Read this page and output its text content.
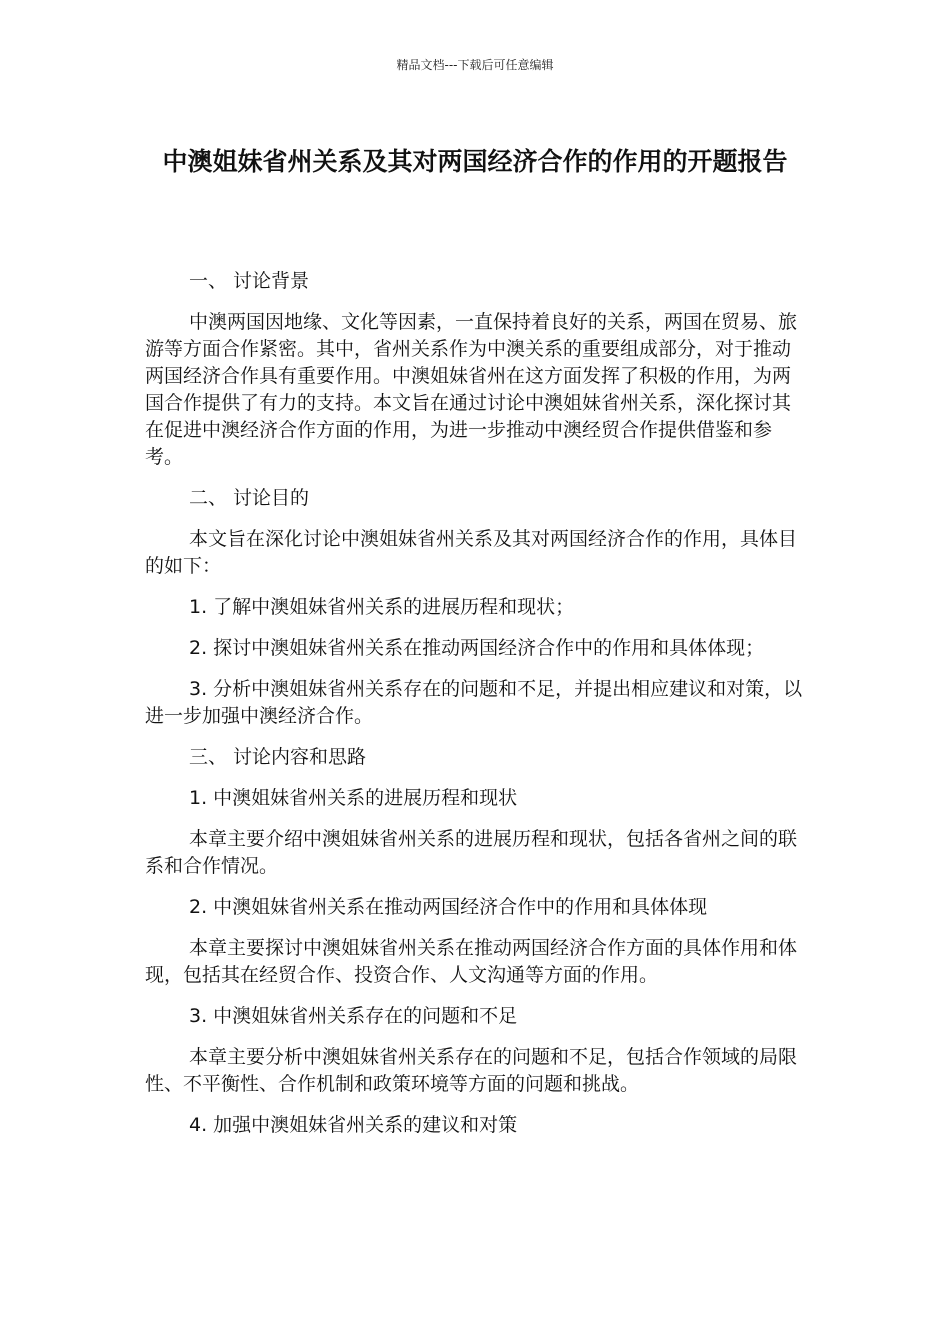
精品文档---下载后可任意编辑
中澳姐妹省州关系及其对两国经济合作的作用的开题报告

一、 讨论背景

中澳两国因地缘、文化等因素，一直保持着良好的关系，两国在贸易、旅游等方面合作紧密。其中，省州关系作为中澳关系的重要组成部分，对于推动两国经济合作具有重要作用。中澳姐妹省州在这方面发挥了积极的作用，为两国合作提供了有力的支持。本文旨在通过讨论中澳姐妹省州关系，深化探讨其在促进中澳经济合作方面的作用，为进一步推动中澳经贸合作提供借鉴和参考。

二、 讨论目的

本文旨在深化讨论中澳姐妹省州关系及其对两国经济合作的作用，具体目的如下：

1. 了解中澳姐妹省州关系的进展历程和现状；

2. 探讨中澳姐妹省州关系在推动两国经济合作中的作用和具体体现；

3. 分析中澳姐妹省州关系存在的问题和不足，并提出相应建议和对策，以进一步加强中澳经济合作。

三、 讨论内容和思路

1. 中澳姐妹省州关系的进展历程和现状

本章主要介绍中澳姐妹省州关系的进展历程和现状，包括各省州之间的联系和合作情况。

2. 中澳姐妹省州关系在推动两国经济合作中的作用和具体体现

本章主要探讨中澳姐妹省州关系在推动两国经济合作方面的具体作用和体现，包括其在经贸合作、投资合作、人文沟通等方面的作用。

3. 中澳姐妹省州关系存在的问题和不足

本章主要分析中澳姐妹省州关系存在的问题和不足，包括合作领域的局限性、不平衡性、合作机制和政策环境等方面的问题和挑战。

4. 加强中澳姐妹省州关系的建议和对策
